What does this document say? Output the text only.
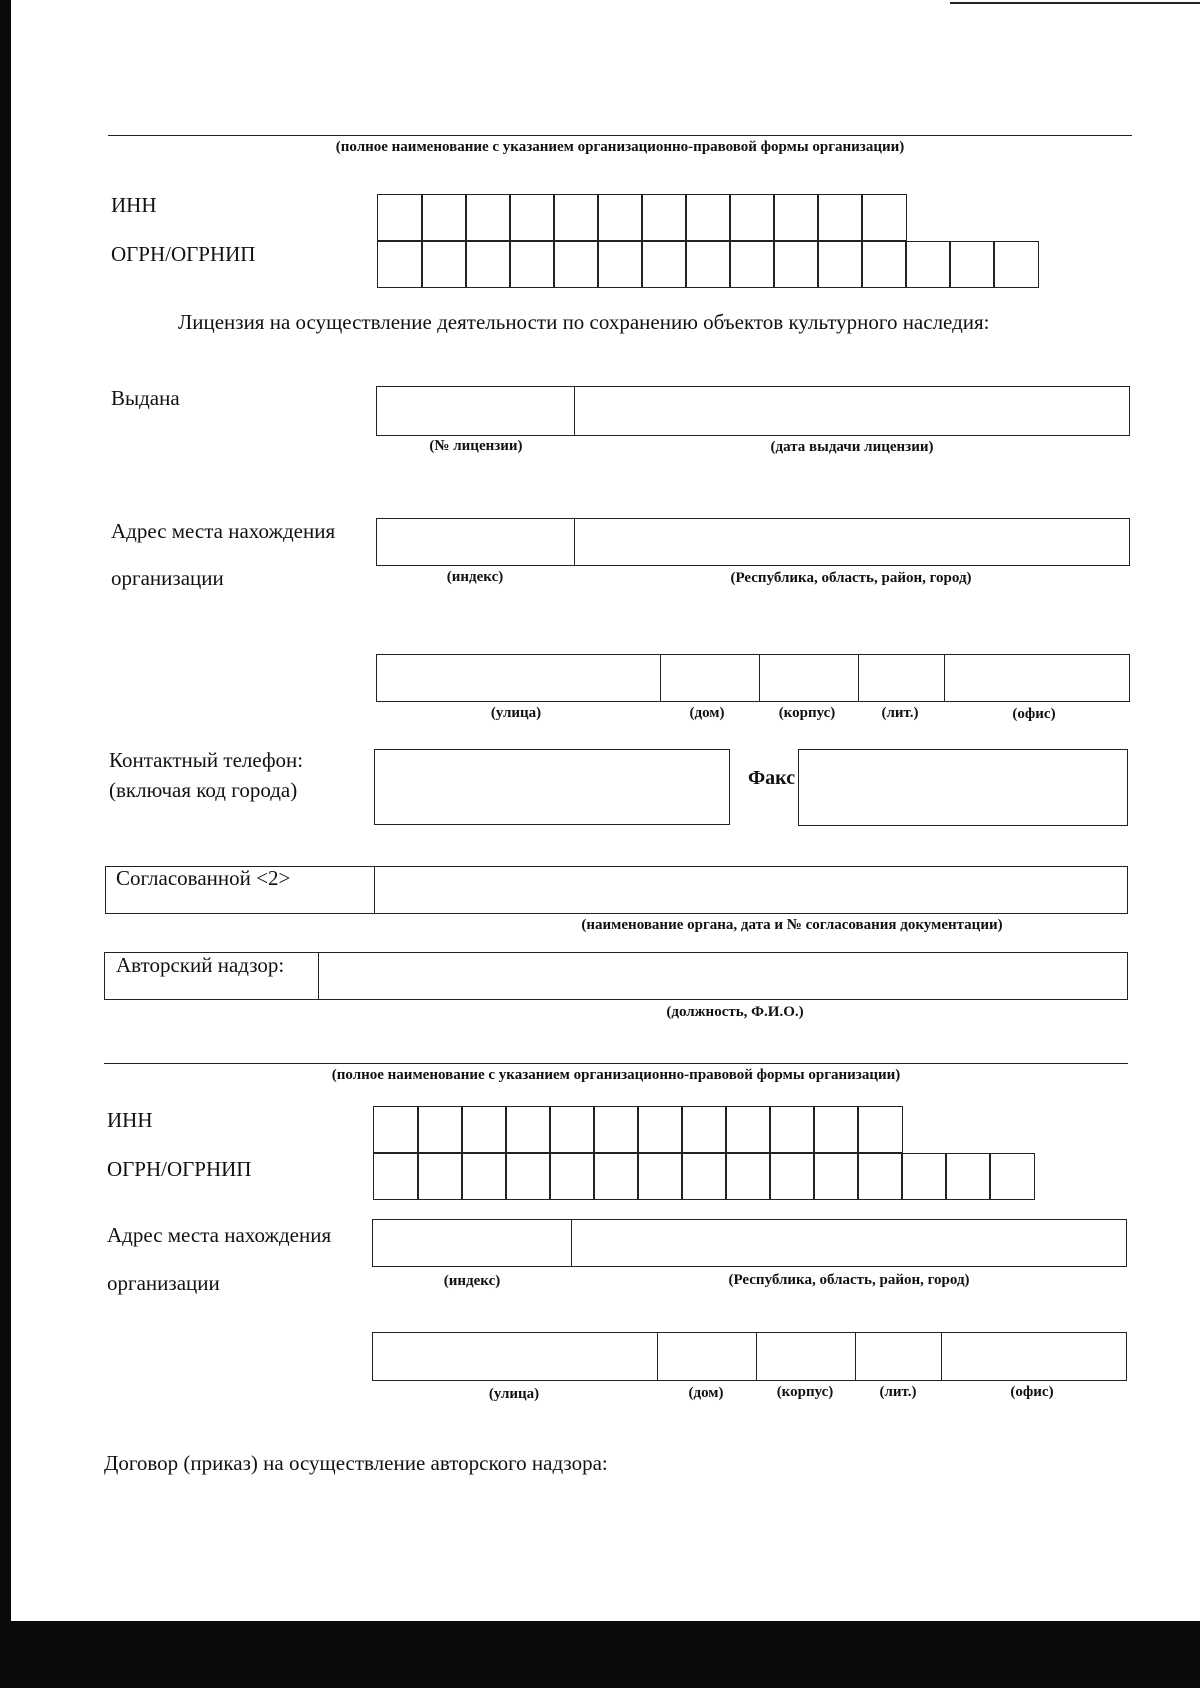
(полное наименование с указанием организационно-правовой формы организации)
ИНН
ОГРН/ОГРНИП
Лицензия на осуществление деятельности по сохранению объектов культурного наследия:
Выдана
(№ лицензии)	(дата выдачи лицензии)
Адрес места нахождения
организации	(индекс)	(Республика, область, район, город)
(улица)	(дом)	(корпус)	(лит.)	(офис)
Контактный телефон:
(включая код города)	Факс
Согласованной <2>
(наименование органа, дата и № согласования документации)
Авторский надзор:
(должность, Ф.И.О.)
(полное наименование с указанием организационно-правовой формы организации)
ИНН
ОГРН/ОГРНИП
Адрес места нахождения
организации	(индекс)	(Республика, область, район, город)
(улица)	(дом)	(корпус)	(лит.)	(офис)
Договор (приказ) на осуществление авторского надзора:
